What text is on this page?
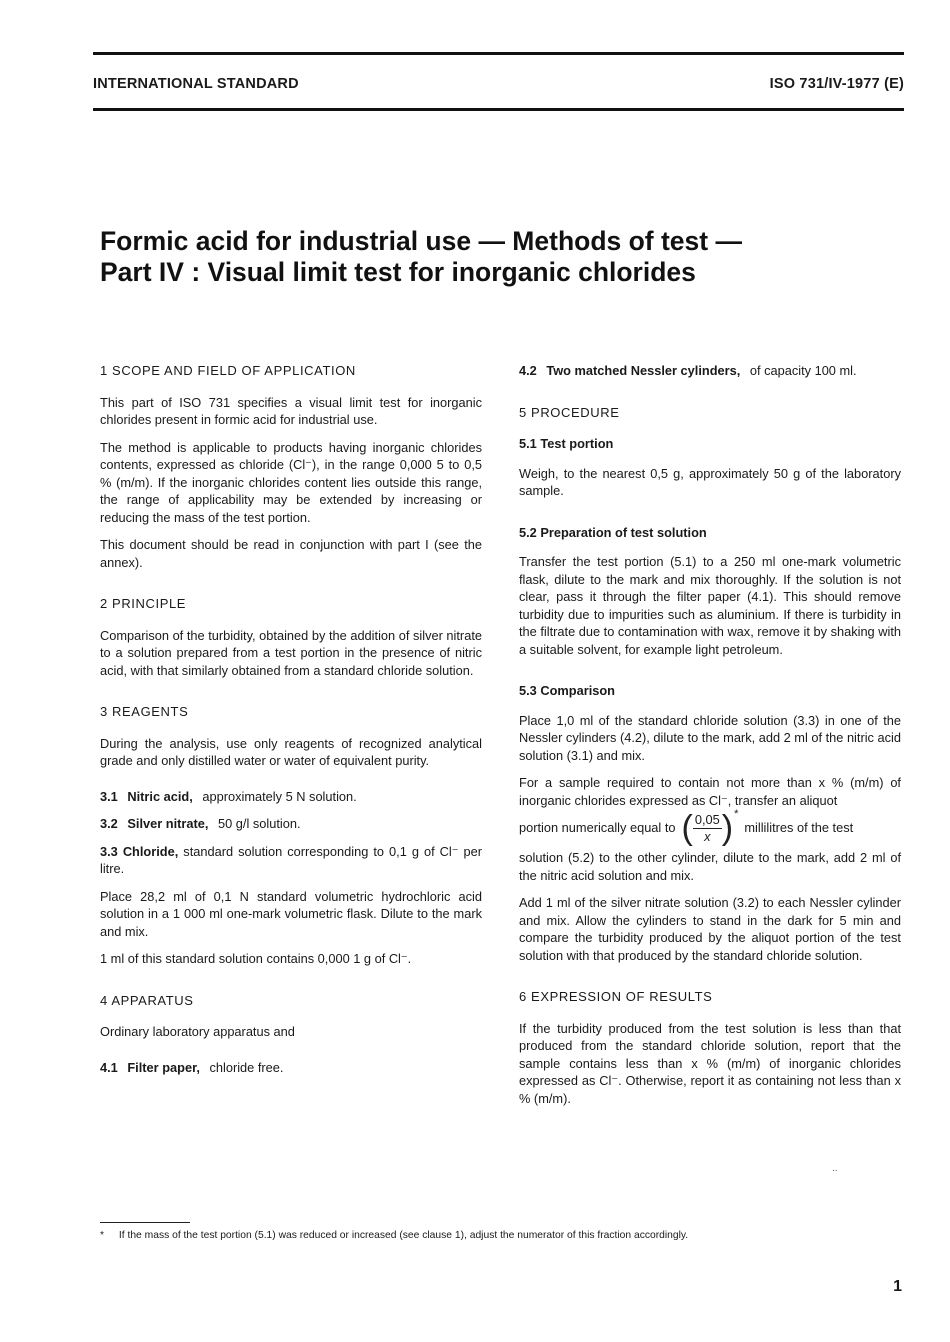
INTERNATIONAL STANDARD	ISO 731/IV-1977 (E)
Formic acid for industrial use — Methods of test —
Part IV : Visual limit test for inorganic chlorides
1 SCOPE AND FIELD OF APPLICATION

This part of ISO 731 specifies a visual limit test for inorganic chlorides present in formic acid for industrial use.

The method is applicable to products having inorganic chlorides contents, expressed as chloride (Cl⁻), in the range 0,000 5 to 0,5 % (m/m). If the inorganic chlorides content lies outside this range, the range of applicability may be extended by increasing or reducing the mass of the test portion.

This document should be read in conjunction with part I (see the annex).

2 PRINCIPLE

Comparison of the turbidity, obtained by the addition of silver nitrate to a solution prepared from a test portion in the presence of nitric acid, with that similarly obtained from a standard chloride solution.

3 REAGENTS

During the analysis, use only reagents of recognized analytical grade and only distilled water or water of equivalent purity.

3.1 Nitric acid, approximately 5 N solution.

3.2 Silver nitrate, 50 g/l solution.

3.3 Chloride, standard solution corresponding to 0,1 g of Cl⁻ per litre.

Place 28,2 ml of 0,1 N standard volumetric hydrochloric acid solution in a 1 000 ml one-mark volumetric flask. Dilute to the mark and mix.

1 ml of this standard solution contains 0,000 1 g of Cl⁻.

4 APPARATUS

Ordinary laboratory apparatus and

4.1 Filter paper, chloride free.

4.2 Two matched Nessler cylinders, of capacity 100 ml.

5 PROCEDURE
5.1 Test portion

Weigh, to the nearest 0,5 g, approximately 50 g of the laboratory sample.

5.2 Preparation of test solution

Transfer the test portion (5.1) to a 250 ml one-mark volumetric flask, dilute to the mark and mix thoroughly. If the solution is not clear, pass it through the filter paper (4.1). This should remove turbidity due to impurities such as aluminium. If there is turbidity in the filtrate due to contamination with wax, remove it by shaking with a suitable solvent, for example light petroleum.

5.3 Comparison

Place 1,0 ml of the standard chloride solution (3.3) in one of the Nessler cylinders (4.2), dilute to the mark, add 2 ml of the nitric acid solution (3.1) and mix.

For a sample required to contain not more than x % (m/m) of inorganic chlorides expressed as Cl⁻, transfer an aliquot

portion numerically equal to ( $\frac{0,05}{x}$ ) *
millilitres of the test

solution (5.2) to the other cylinder, dilute to the mark, add 2 ml of the nitric acid solution and mix.

Add 1 ml of the silver nitrate solution (3.2) to each Nessler cylinder and mix. Allow the cylinders to stand in the dark for 5 min and compare the turbidity produced by the aliquot portion of the test solution with that produced by the standard chloride solution.

6 EXPRESSION OF RESULTS

If the turbidity produced from the test solution is less than that produced from the standard chloride solution, report that the sample contains less than x % (m/m) of inorganic chlorides expressed as Cl⁻. Otherwise, report it as containing not less than x % (m/m).

..
* If the mass of the test portion (5.1) was reduced or increased (see clause 1), adjust the numerator of this fraction accordingly.
1
